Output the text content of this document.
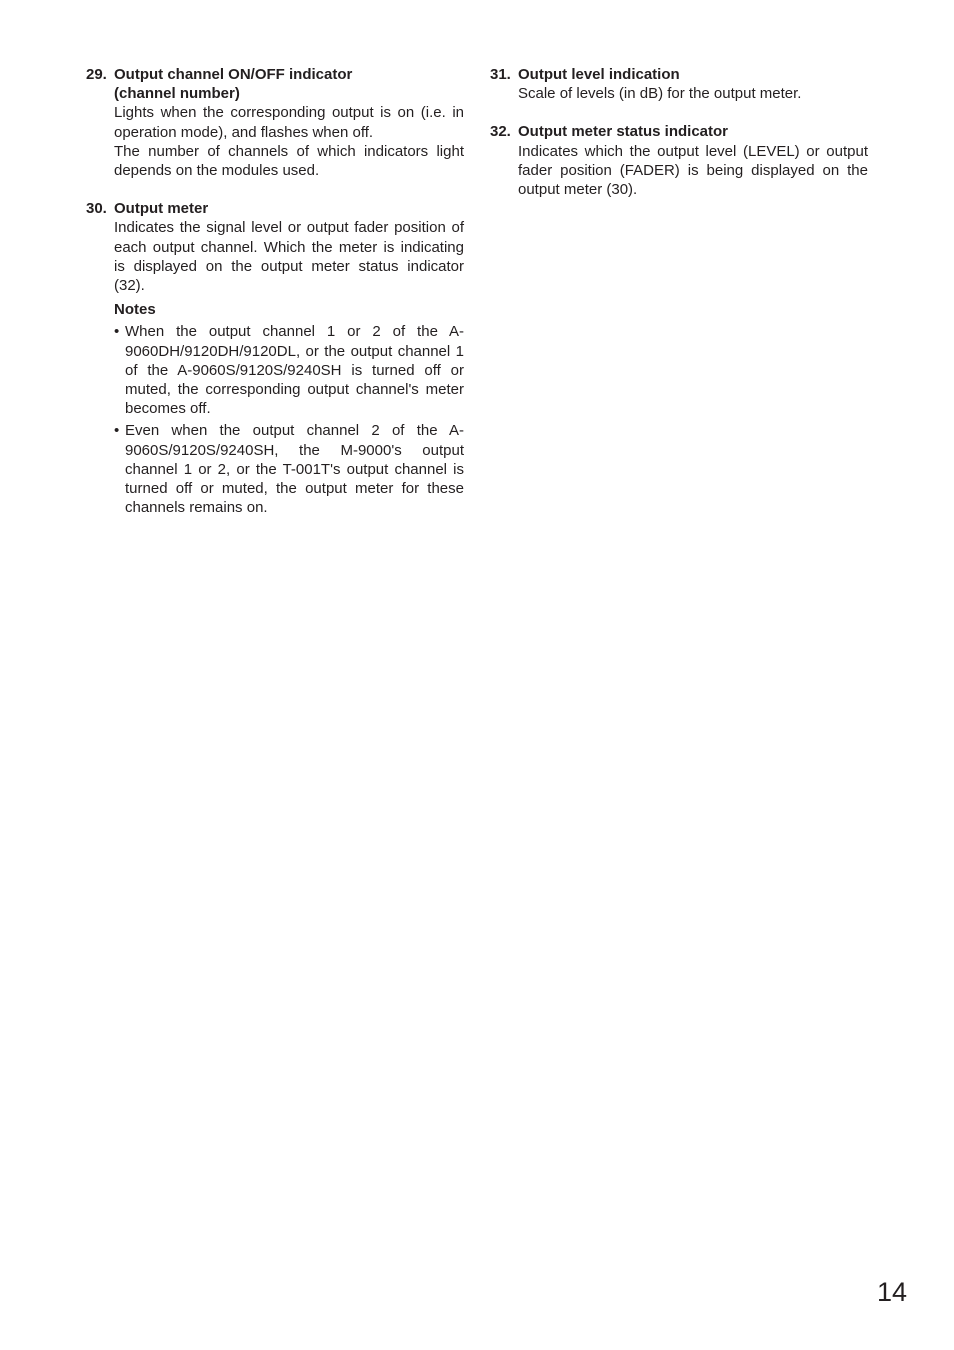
29. Output channel ON/OFF indicator
(channel number)

Lights when the corresponding output is on (i.e. in operation mode), and flashes when off.

The number of channels of which indicators light depends on the modules used.

30. Output meter

Indicates the signal level or output fader position of each output channel. Which the meter is indicating is displayed on the output meter status indicator (32).

Notes
• When the output channel 1 or 2 of the A-9060DH/9120DH/9120DL, or the output channel 1 of the A-9060S/9120S/9240SH is turned off or muted, the corresponding output channel's meter becomes off.
• Even when the output channel 2 of the A-9060S/9120S/9240SH, the M-9000's output channel 1 or 2, or the T-001T's output channel is turned off or muted, the output meter for these channels remains on.
31. Output level indication

Scale of levels (in dB) for the output meter.

32. Output meter status indicator

Indicates which the output level (LEVEL) or output fader position (FADER) is being displayed on the output meter (30).

14
